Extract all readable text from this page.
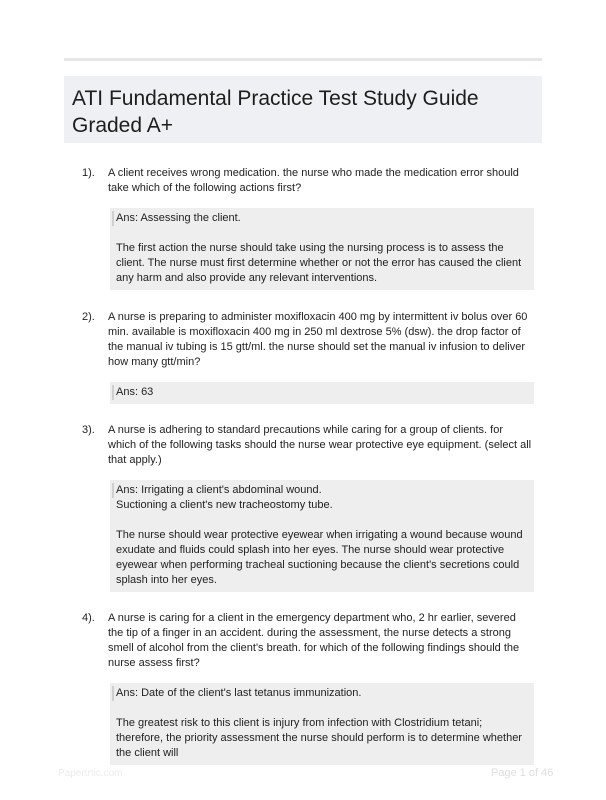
ATI Fundamental Practice Test Study Guide Graded A+
1). A client receives wrong medication. the nurse who made the medication error should take which of the following actions first?
Ans: Assessing the client.
The first action the nurse should take using the nursing process is to assess the client. The nurse must first determine whether or not the error has caused the client any harm and also provide any relevant interventions.
2). A nurse is preparing to administer moxifloxacin 400 mg by intermittent iv bolus over 60 min. available is moxifloxacin 400 mg in 250 ml dextrose 5% (dsw). the drop factor of the manual iv tubing is 15 gtt/ml. the nurse should set the manual iv infusion to deliver how many gtt/min?
Ans: 63
3). A nurse is adhering to standard precautions while caring for a group of clients. for which of the following tasks should the nurse wear protective eye equipment. (select all that apply.)
Ans: Irrigating a client's abdominal wound.
Suctioning a client's new tracheostomy tube.
The nurse should wear protective eyewear when irrigating a wound because wound exudate and fluids could splash into her eyes. The nurse should wear protective eyewear when performing tracheal suctioning because the client's secretions could splash into her eyes.
4). A nurse is caring for a client in the emergency department who, 2 hr earlier, severed the tip of a finger in an accident. during the assessment, the nurse detects a strong smell of alcohol from the client's breath. for which of the following findings should the nurse assess first?
Ans: Date of the client's last tetanus immunization.
The greatest risk to this client is injury from infection with Clostridium tetani; therefore, the priority assessment the nurse should perform is to determine whether the client will
Papertrtic.com	Page 1 of 46
